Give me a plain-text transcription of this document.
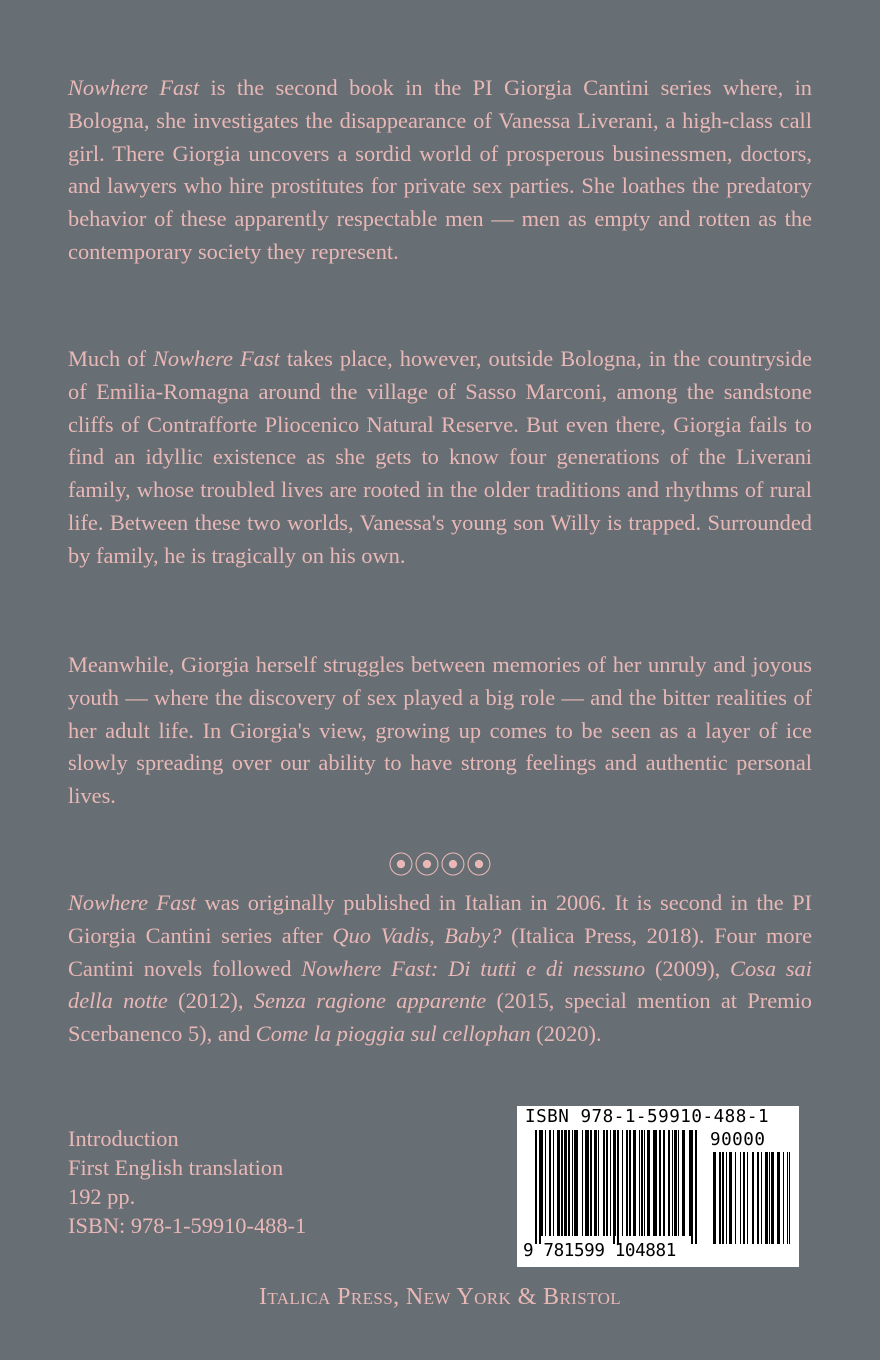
Nowhere Fast is the second book in the PI Giorgia Cantini series where, in Bologna, she investigates the disappearance of Vanessa Liverani, a high-class call girl. There Giorgia uncovers a sordid world of prosperous businessmen, doctors, and lawyers who hire prostitutes for private sex parties. She loathes the predatory behavior of these apparently respectable men — men as empty and rotten as the contemporary society they represent.

Much of Nowhere Fast takes place, however, outside Bologna, in the countryside of Emilia-Romagna around the village of Sasso Marconi, among the sandstone cliffs of Contrafforte Pliocenico Natural Reserve. But even there, Giorgia fails to find an idyllic existence as she gets to know four generations of the Liverani family, whose troubled lives are rooted in the older traditions and rhythms of rural life. Between these two worlds, Vanessa's young son Willy is trapped. Surrounded by family, he is tragically on his own.

Meanwhile, Giorgia herself struggles between memories of her unruly and joyous youth — where the discovery of sex played a big role — and the bitter realities of her adult life. In Giorgia's view, growing up comes to be seen as a layer of ice slowly spreading over our ability to have strong feelings and authentic personal lives.

⦿⦿⦿⦿

Nowhere Fast was originally published in Italian in 2006. It is second in the PI Giorgia Cantini series after Quo Vadis, Baby? (Italica Press, 2018). Four more Cantini novels followed Nowhere Fast: Di tutti e di nessuno (2009), Cosa sai della notte (2012), Senza ragione apparente (2015, special mention at Premio Scerbanenco 5), and Come la pioggia sul cellophan (2020).

Introduction
First English translation
192 pp.
ISBN: 978-1-59910-488-1
ISBN 978-1-59910-488-1
90000
9 781599 104881
Italica Press, New York & Bristol
